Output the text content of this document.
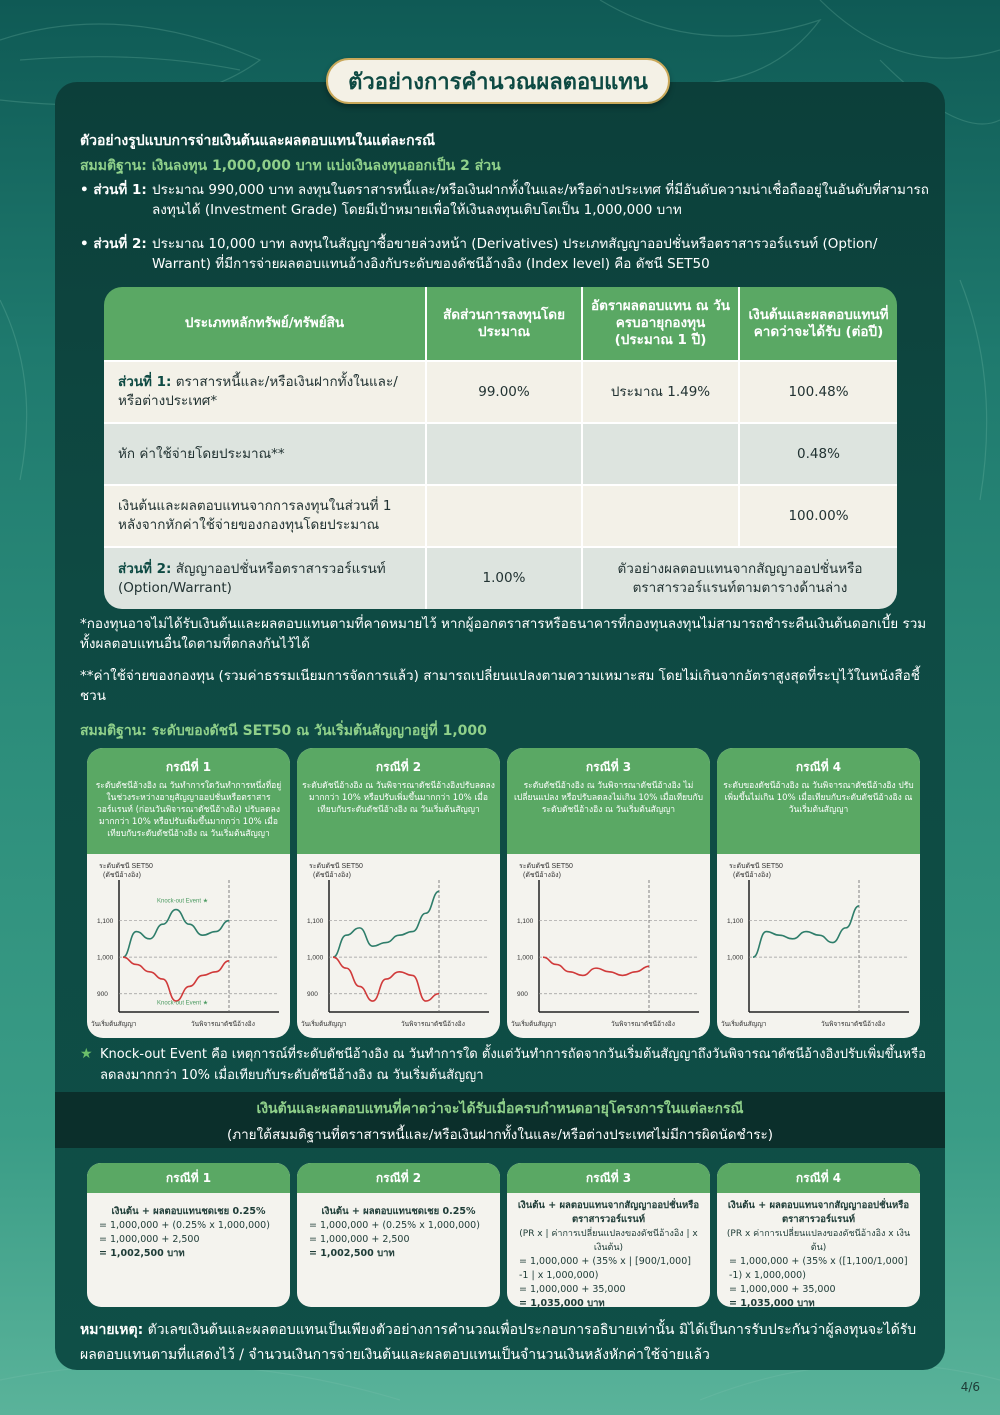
ตัวอย่างการคำนวณผลตอบแทน
ตัวอย่างรูปแบบการจ่ายเงินต้นและผลตอบแทนในแต่ละกรณี
สมมติฐาน: เงินลงทุน 1,000,000 บาท แบ่งเงินลงทุนออกเป็น 2 ส่วน
• ส่วนที่ 1: ประมาณ 990,000 บาท ลงทุนในตราสารหนี้และ/หรือเงินฝากทั้งในและ/หรือต่างประเทศ ที่มีอันดับความน่าเชื่อถืออยู่ในอันดับที่สามารถลงทุนได้ (Investment Grade) โดยมีเป้าหมายเพื่อให้เงินลงทุนเติบโตเป็น 1,000,000 บาท
• ส่วนที่ 2: ประมาณ 10,000 บาท ลงทุนในสัญญาซื้อขายล่วงหน้า (Derivatives) ประเภทสัญญาออปชั่นหรือตราสารวอร์แรนท์ (Option/ Warrant) ที่มีการจ่ายผลตอบแทนอ้างอิงกับระดับของดัชนีอ้างอิง (Index level) คือ ดัชนี SET50
ประเภทหลักทรัพย์/ทรัพย์สิน	สัดส่วนการลงทุนโดยประมาณ	อัตราผลตอบแทน ณ วันครบอายุกองทุน (ประมาณ 1 ปี)	เงินต้นและผลตอบแทนที่คาดว่าจะได้รับ (ต่อปี)
ส่วนที่ 1: ตราสารหนี้และ/หรือเงินฝากทั้งในและ/หรือต่างประเทศ*	99.00%	ประมาณ 1.49%	100.48%
หัก ค่าใช้จ่ายโดยประมาณ**			0.48%
เงินต้นและผลตอบแทนจากการลงทุนในส่วนที่ 1 หลังจากหักค่าใช้จ่ายของกองทุนโดยประมาณ			100.00%
ส่วนที่ 2: สัญญาออปชั่นหรือตราสารวอร์แรนท์ (Option/Warrant)	1.00%	ตัวอย่างผลตอบแทนจากสัญญาออปชั่นหรือตราสารวอร์แรนท์ตามตารางด้านล่าง	
*กองทุนอาจไม่ได้รับเงินต้นและผลตอบแทนตามที่คาดหมายไว้ หากผู้ออกตราสารหรือธนาคารที่กองทุนลงทุนไม่สามารถชำระคืนเงินต้นดอกเบี้ย รวมทั้งผลตอบแทนอื่นใดตามที่ตกลงกันไว้ได้
**ค่าใช้จ่ายของกองทุน (รวมค่าธรรมเนียมการจัดการแล้ว) สามารถเปลี่ยนแปลงตามความเหมาะสม โดยไม่เกินจากอัตราสูงสุดที่ระบุไว้ในหนังสือชี้ชวน
สมมติฐาน: ระดับของดัชนี SET50 ณ วันเริ่มต้นสัญญาอยู่ที่ 1,000
กรณีที่ 1
ระดับดัชนีอ้างอิง ณ วันทำการใดวันทำการหนึ่งที่อยู่ในช่วงระหว่างอายุสัญญาออปชั่นหรือตราสารวอร์แรนท์ (ก่อนวันพิจารณาดัชนีอ้างอิง) ปรับลดลงมากกว่า 10% หรือปรับเพิ่มขึ้นมากกว่า 10% เมื่อเทียบกับระดับดัชนีอ้างอิง ณ วันเริ่มต้นสัญญา
ระดับดัชนี SET50
(ดัชนีอ้างอิง)
900
1,000
1,100
วันเริ่มต้นสัญญา	วันพิจารณาดัชนีอ้างอิง
Knock-out Event ★
Knock-out Event ★
กรณีที่ 2
ระดับดัชนีอ้างอิง ณ วันพิจารณาดัชนีอ้างอิงปรับลดลงมากกว่า 10% หรือปรับเพิ่มขึ้นมากกว่า 10% เมื่อเทียบกับระดับดัชนีอ้างอิง ณ วันเริ่มต้นสัญญา
ระดับดัชนี SET50
(ดัชนีอ้างอิง)
900
1,000
1,100
วันเริ่มต้นสัญญา	วันพิจารณาดัชนีอ้างอิง
กรณีที่ 3
ระดับดัชนีอ้างอิง ณ วันพิจารณาดัชนีอ้างอิง ไม่เปลี่ยนแปลง หรือปรับลดลงไม่เกิน 10% เมื่อเทียบกับระดับดัชนีอ้างอิง ณ วันเริ่มต้นสัญญา
ระดับดัชนี SET50
(ดัชนีอ้างอิง)
900
1,000
1,100
วันเริ่มต้นสัญญา	วันพิจารณาดัชนีอ้างอิง
กรณีที่ 4
ระดับของดัชนีอ้างอิง ณ วันพิจารณาดัชนีอ้างอิง ปรับเพิ่มขึ้นไม่เกิน 10% เมื่อเทียบกับระดับดัชนีอ้างอิง ณ วันเริ่มต้นสัญญา
ระดับดัชนี SET50
(ดัชนีอ้างอิง)
1,000
1,100
วันเริ่มต้นสัญญา	วันพิจารณาดัชนีอ้างอิง
★ Knock-out Event คือ เหตุการณ์ที่ระดับดัชนีอ้างอิง ณ วันทำการใด ตั้งแต่วันทำการถัดจากวันเริ่มต้นสัญญาถึงวันพิจารณาดัชนีอ้างอิงปรับเพิ่มขึ้นหรือลดลงมากกว่า 10% เมื่อเทียบกับระดับดัชนีอ้างอิง ณ วันเริ่มต้นสัญญา
เงินต้นและผลตอบแทนที่คาดว่าจะได้รับเมื่อครบกำหนดอายุโครงการในแต่ละกรณี
(ภายใต้สมมติฐานที่ตราสารหนี้และ/หรือเงินฝากทั้งในและ/หรือต่างประเทศไม่มีการผิดนัดชำระ)
กรณีที่ 1
เงินต้น + ผลตอบแทนชดเชย 0.25%
= 1,000,000 + (0.25% x 1,000,000)
= 1,000,000 + 2,500
= 1,002,500 บาท
กรณีที่ 2
เงินต้น + ผลตอบแทนชดเชย 0.25%
= 1,000,000 + (0.25% x 1,000,000)
= 1,000,000 + 2,500
= 1,002,500 บาท
กรณีที่ 3
เงินต้น + ผลตอบแทนจากสัญญาออปชั่นหรือตราสารวอร์แรนท์
(PR x | ค่าการเปลี่ยนแปลงของดัชนีอ้างอิง | x เงินต้น)
= 1,000,000 + (35% x | [900/1,000] -1 | x 1,000,000)
= 1,000,000 + 35,000
= 1,035,000 บาท
กรณีที่ 4
เงินต้น + ผลตอบแทนจากสัญญาออปชั่นหรือตราสารวอร์แรนท์
(PR x ค่าการเปลี่ยนแปลงของดัชนีอ้างอิง x เงินต้น)
= 1,000,000 + (35% x ([1,100/1,000] -1) x 1,000,000)
= 1,000,000 + 35,000
= 1,035,000 บาท
หมายเหตุ: ตัวเลขเงินต้นและผลตอบแทนเป็นเพียงตัวอย่างการคำนวณเพื่อประกอบการอธิบายเท่านั้น มิได้เป็นการรับประกันว่าผู้ลงทุนจะได้รับผลตอบแทนตามที่แสดงไว้ / จำนวนเงินการจ่ายเงินต้นและผลตอบแทนเป็นจำนวนเงินหลังหักค่าใช้จ่ายแล้ว
4/6
